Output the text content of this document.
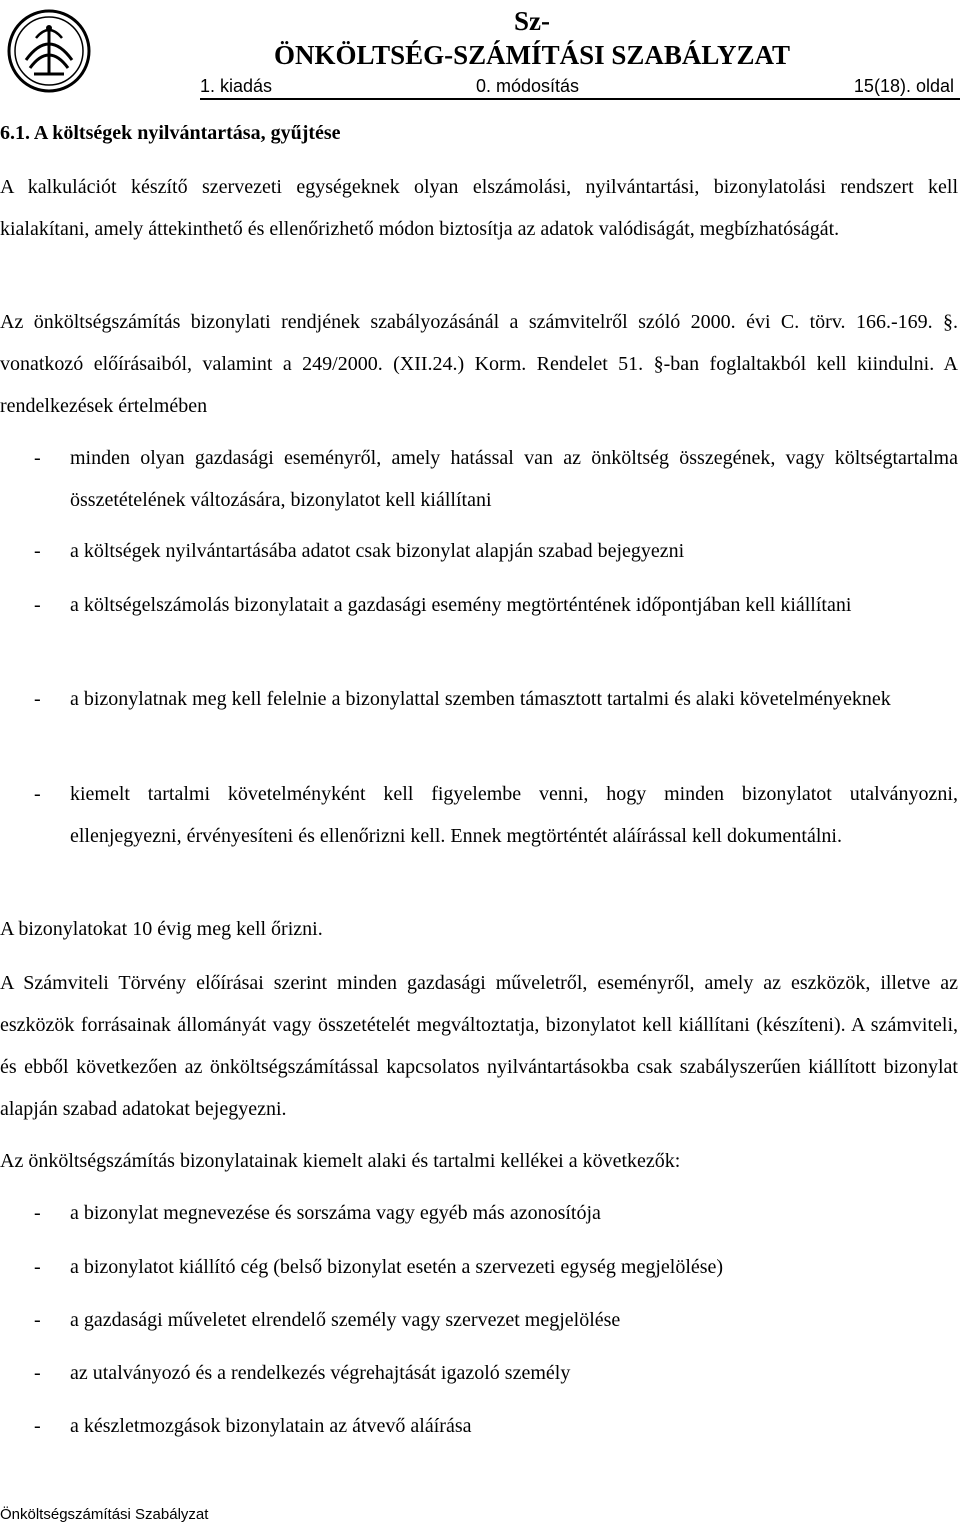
Sz-
ÖNKÖLTSÉG-SZÁMÍTÁSI SZABÁLYZAT
1. kiadás	0. módosítás	15(18). oldal
6.1. A költségek nyilvántartása, gyűjtése
A kalkulációt készítő szervezeti egységeknek olyan elszámolási, nyilvántartási, bizonylatolási rendszert kell kialakítani, amely áttekinthető és ellenőrizhető módon biztosítja az adatok valódiságát, megbízhatóságát.
Az önköltségszámítás bizonylati rendjének szabályozásánál a számvitelről szóló 2000. évi C. törv. 166.-169. §. vonatkozó előírásaiból, valamint a 249/2000. (XII.24.) Korm. Rendelet 51. §-ban foglaltakból kell kiindulni. A rendelkezések értelmében
- minden olyan gazdasági eseményről, amely hatással van az önköltség összegének, vagy költségtartalma összetételének változására, bizonylatot kell kiállítani
- a költségek nyilvántartásába adatot csak bizonylat alapján szabad bejegyezni
- a költségelszámolás bizonylatait a gazdasági esemény megtörténtének időpontjában kell kiállítani
- a bizonylatnak meg kell felelnie a bizonylattal szemben támasztott tartalmi és alaki követelményeknek
- kiemelt tartalmi követelményként kell figyelembe venni, hogy minden bizonylatot utalványozni, ellenjegyezni, érvényesíteni és ellenőrizni kell. Ennek megtörténtét aláírással kell dokumentálni.
A bizonylatokat 10 évig meg kell őrizni.
A Számviteli Törvény előírásai szerint minden gazdasági műveletről, eseményről, amely az eszközök, illetve az eszközök forrásainak állományát vagy összetételét megváltoztatja, bizonylatot kell kiállítani (készíteni). A számviteli, és ebből következően az önköltségszámítással kapcsolatos nyilvántartásokba csak szabályszerűen kiállított bizonylat alapján szabad adatokat bejegyezni.
Az önköltségszámítás bizonylatainak kiemelt alaki és tartalmi kellékei a következők:
- a bizonylat megnevezése és sorszáma vagy egyéb más azonosítója
- a bizonylatot kiállító cég (belső bizonylat esetén a szervezeti egység megjelölése)
- a gazdasági műveletet elrendelő személy vagy szervezet megjelölése
- az utalványozó és a rendelkezés végrehajtását igazoló személy
- a készletmozgások bizonylatain az átvevő aláírása
Önköltségszámítási Szabályzat
